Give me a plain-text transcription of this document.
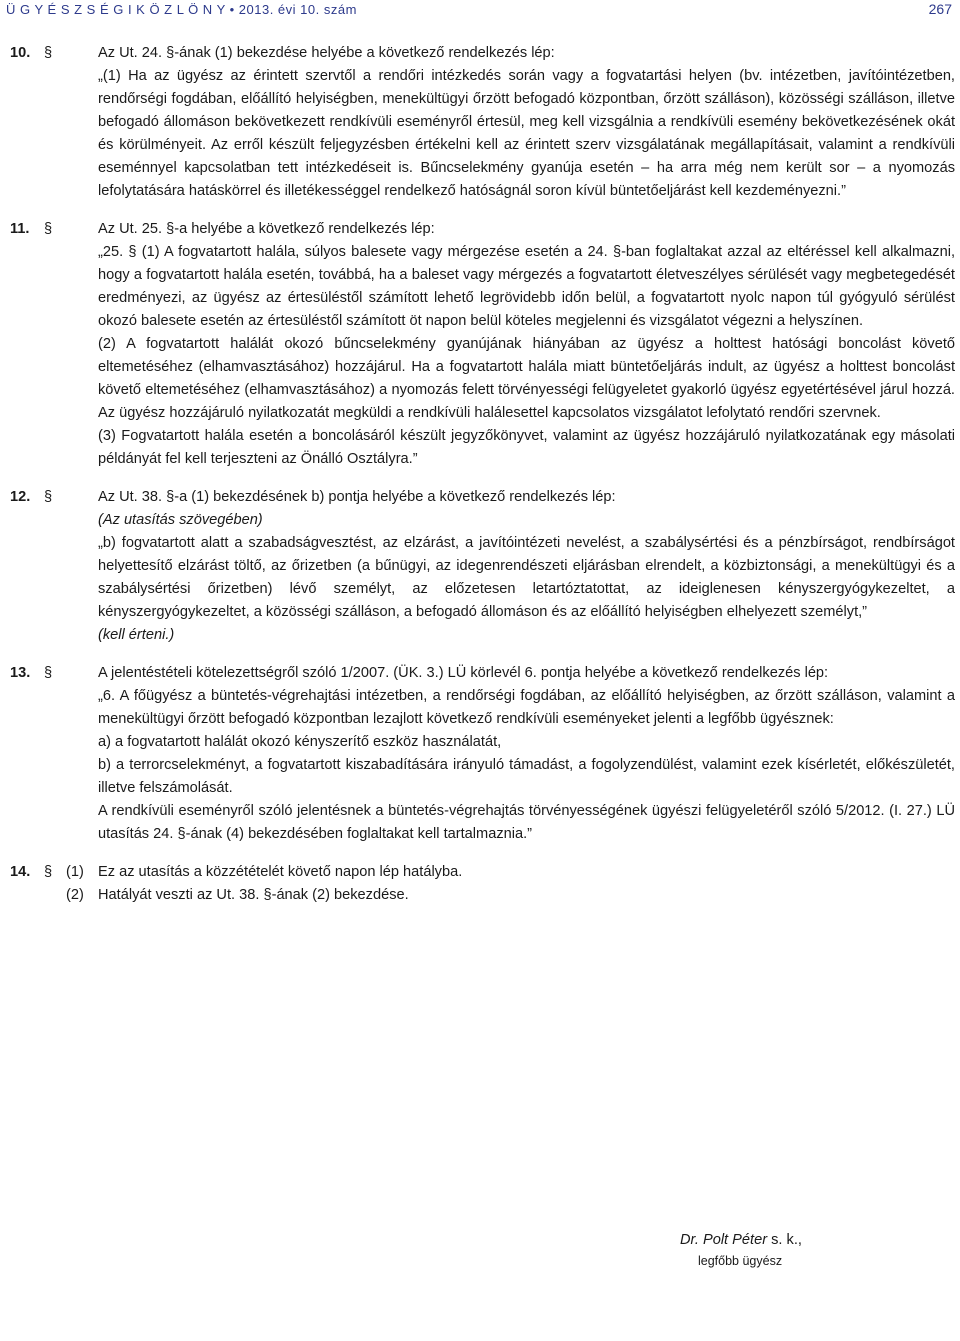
Ü G Y É S Z S É G I K Ö Z L Ö N Y • 2013. évi 10. szám	267
10. §	Az Ut. 24. §-ának (1) bekezdése helyébe a következő rendelkezés lép:
„(1) Ha az ügyész az érintett szervtől a rendőri intézkedés során vagy a fogvatartási helyen (bv. intézetben, javítóintézetben, rendőrségi fogdában, előállító helyiségben, menekültügyi őrzött befogadó központban, őrzött szálláson), közösségi szálláson, illetve befogadó állomáson bekövetkezett rendkívüli eseményről értesül, meg kell vizsgálnia a rendkívüli esemény bekövetkezésének okát és körülményeit. Az erről készült feljegyzésben értékelni kell az érintett szerv vizsgálatának megállapításait, valamint a rendkívüli eseménnyel kapcsolatban tett intézkedéseit is. Bűncselekmény gyanúja esetén – ha arra még nem került sor – a nyomozás lefolytatására hatáskörrel és illetékességgel rendelkező hatóságnál soron kívül büntetőeljárást kell kezdeményezni.”
11. §	Az Ut. 25. §-a helyébe a következő rendelkezés lép:
„25. § (1) A fogvatartott halála, súlyos balesete vagy mérgezése esetén a 24. §-ban foglaltakat azzal az eltéréssel kell alkalmazni, hogy a fogvatartott halála esetén, továbbá, ha a baleset vagy mérgezés a fogvatartott életveszélyes sérülését vagy megbetegedését eredményezi, az ügyész az értesüléstől számított lehető legrövidebb időn belül, a fogvatartott nyolc napon túl gyógyuló sérülést okozó balesete esetén az értesüléstől számított öt napon belül köteles megjelenni és vizsgálatot végezni a helyszínen.
(2) A fogvatartott halálát okozó bűncselekmény gyanújának hiányában az ügyész a holttest hatósági boncolást követő eltemetéséhez (elhamvasztásához) hozzájárul. Ha a fogvatartott halála miatt büntetőeljárás indult, az ügyész a holttest boncolást követő eltemetéséhez (elhamvasztásához) a nyomozás felett törvényességi felügyeletet gyakorló ügyész egyetértésével járul hozzá. Az ügyész hozzájáruló nyilatkozatát megküldi a rendkívüli halálesettel kapcsolatos vizsgálatot lefolytató rendőri szervnek.
(3) Fogvatartott halála esetén a boncolásáról készült jegyzőkönyvet, valamint az ügyész hozzájáruló nyilatkozatának egy másolati példányát fel kell terjeszteni az Önálló Osztályra.”
12. §	Az Ut. 38. §-a (1) bekezdésének b) pontja helyébe a következő rendelkezés lép:
(Az utasítás szövegében)
„b) fogvatartott alatt a szabadságvesztést, az elzárást, a javítóintézeti nevelést, a szabálysértési és a pénzbírságot, rendbírságot helyettesítő elzárást töltő, az őrizetben (a bűnügyi, az idegenrendészeti eljárásban elrendelt, a közbiztonsági, a menekültügyi és a szabálysértési őrizetben) lévő személyt, az előzetesen letartóztatottat, az ideiglenesen kényszergyógykezeltet, a kényszergyógykezeltet, a közösségi szálláson, a befogadó állomáson és az előállító helyiségben elhelyezett személyt,”
(kell érteni.)
13. §	A jelentéstételi kötelezettségről szóló 1/2007. (ÜK. 3.) LÜ körlevél 6. pontja helyébe a következő rendelkezés lép:
„6. A főügyész a büntetés-végrehajtási intézetben, a rendőrségi fogdában, az előállító helyiségben, az őrzött szálláson, valamint a menekültügyi őrzött befogadó központban lezajlott következő rendkívüli eseményeket jelenti a legfőbb ügyésznek:
a) a fogvatartott halálát okozó kényszerítő eszköz használatát,
b) a terrorcselekményt, a fogvatartott kiszabadítására irányuló támadást, a fogolyzendülést, valamint ezek kísérletét, előkészületét, illetve felszámolását.
A rendkívüli eseményről szóló jelentésnek a büntetés-végrehajtás törvényességének ügyészi felügyeletéről szóló 5/2012. (I. 27.) LÜ utasítás 24. §-ának (4) bekezdésében foglaltakat kell tartalmaznia.”
14. § (1) Ez az utasítás a közzétételét követő napon lép hatályba.
(2) Hatályát veszti az Ut. 38. §-ának (2) bekezdése.
Dr. Polt Péter s. k.,
legfőbb ügyész
